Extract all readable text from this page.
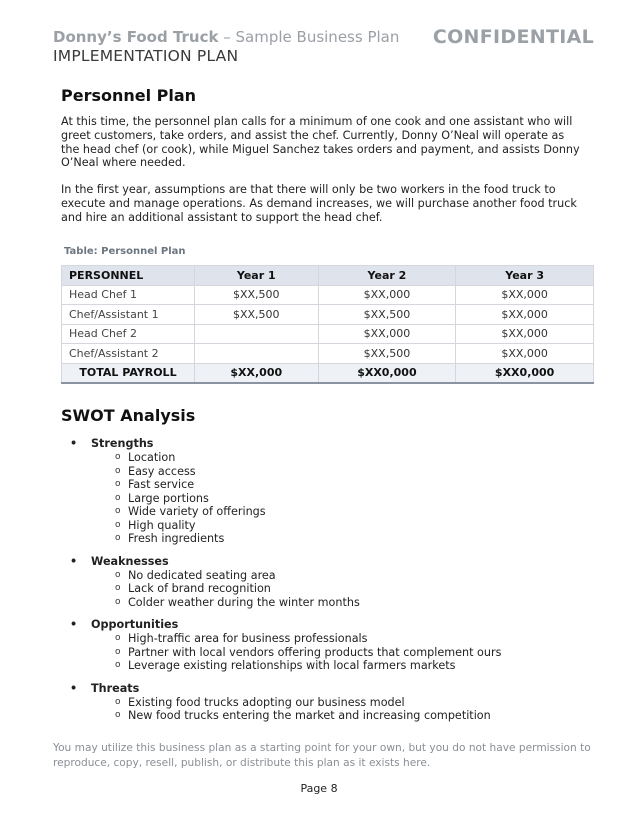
Donny’s Food Truck – Sample Business Plan	CONFIDENTIAL
IMPLEMENTATION PLAN
Personnel Plan
At this time, the personnel plan calls for a minimum of one cook and one assistant who will greet customers, take orders, and assist the chef. Currently, Donny O’Neal will operate as the head chef (or cook), while Miguel Sanchez takes orders and payment, and assists Donny O’Neal where needed.
In the first year, assumptions are that there will only be two workers in the food truck to execute and manage operations. As demand increases, we will purchase another food truck and hire an additional assistant to support the head chef.
Table: Personnel Plan
PERSONNEL	Year 1	Year 2	Year 3
Head Chef 1	$XX,500	$XX,000	$XX,000
Chef/Assistant 1	$XX,500	$XX,500	$XX,000
Head Chef 2		$XX,000	$XX,000
Chef/Assistant 2		$XX,500	$XX,000
TOTAL PAYROLL	$XX,000	$XX0,000	$XX0,000
SWOT Analysis
• Strengths
o Location
o Easy access
o Fast service
o Large portions
o Wide variety of offerings
o High quality
o Fresh ingredients
• Weaknesses
o No dedicated seating area
o Lack of brand recognition
o Colder weather during the winter months
• Opportunities
o High-traffic area for business professionals
o Partner with local vendors offering products that complement ours
o Leverage existing relationships with local farmers markets
• Threats
o Existing food trucks adopting our business model
o New food trucks entering the market and increasing competition
You may utilize this business plan as a starting point for your own, but you do not have permission to reproduce, copy, resell, publish, or distribute this plan as it exists here.
Page 8
